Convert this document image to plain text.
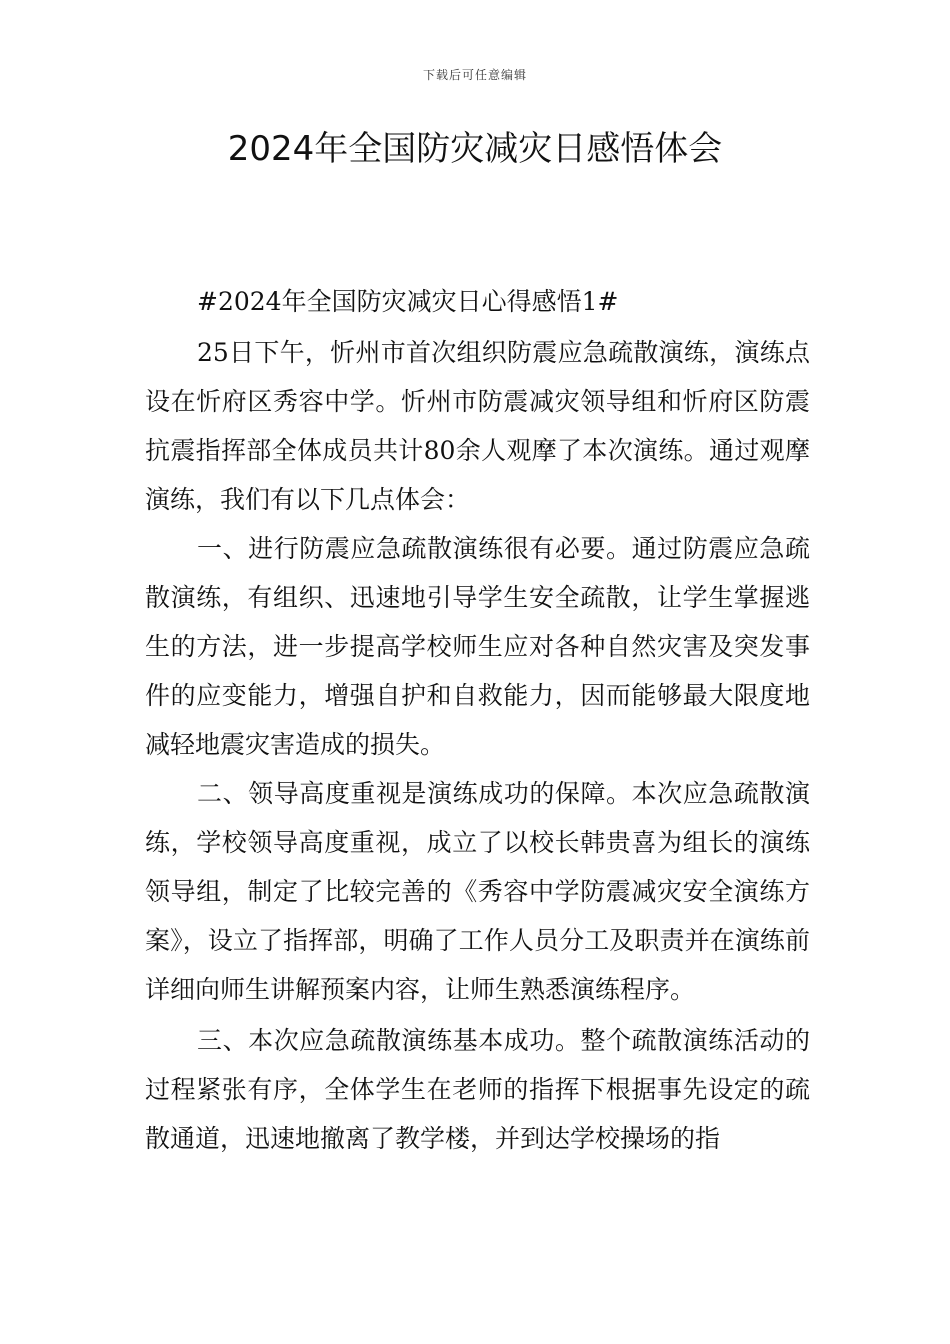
下载后可任意编辑
2024年全国防灾减灾日感悟体会

#2024年全国防灾减灾日心得感悟1#

25日下午，忻州市首次组织防震应急疏散演练，演练点设在忻府区秀容中学。忻州市防震减灾领导组和忻府区防震抗震指挥部全体成员共计80余人观摩了本次演练。通过观摩演练，我们有以下几点体会：

一、进行防震应急疏散演练很有必要。通过防震应急疏散演练，有组织、迅速地引导学生安全疏散，让学生掌握逃生的方法，进一步提高学校师生应对各种自然灾害及突发事件的应变能力，增强自护和自救能力，因而能够最大限度地减轻地震灾害造成的损失。

二、领导高度重视是演练成功的保障。本次应急疏散演练，学校领导高度重视，成立了以校长韩贵喜为组长的演练领导组，制定了比较完善的《秀容中学防震减灾安全演练方案》，设立了指挥部，明确了工作人员分工及职责并在演练前详细向师生讲解预案内容，让师生熟悉演练程序。

三、本次应急疏散演练基本成功。整个疏散演练活动的过程紧张有序，全体学生在老师的指挥下根据事先设定的疏散通道，迅速地撤离了教学楼，并到达学校操场的指
